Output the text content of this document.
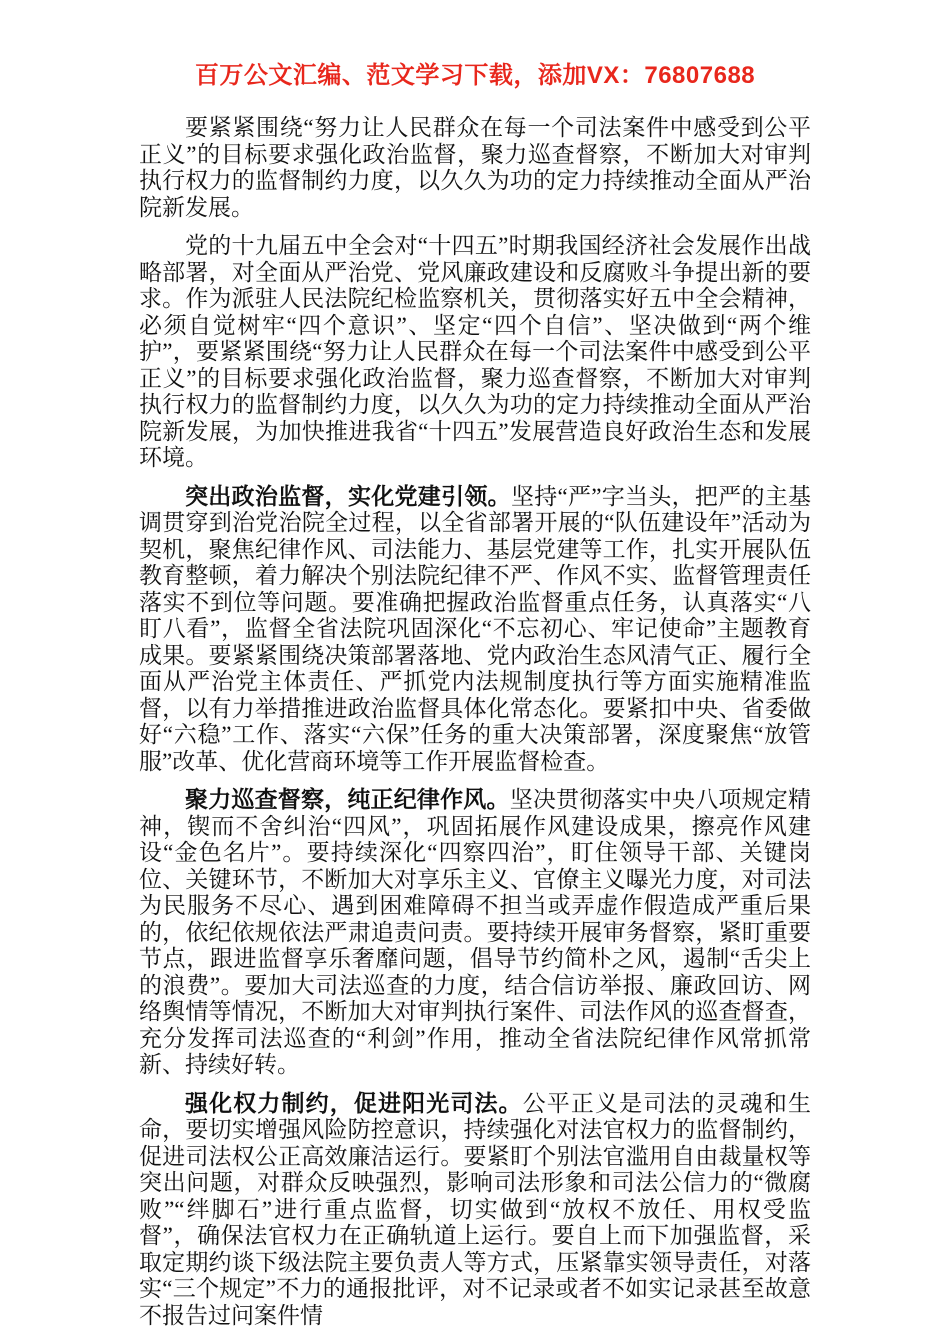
百万公文汇编、范文学习下载，添加VX：76807688

要紧紧围绕“努力让人民群众在每一个司法案件中感受到公平正义”的目标要求强化政治监督，聚力巡查督察，不断加大对审判执行权力的监督制约力度，以久久为功的定力持续推动全面从严治院新发展。

党的十九届五中全会对“十四五”时期我国经济社会发展作出战略部署，对全面从严治党、党风廉政建设和反腐败斗争提出新的要求。作为派驻人民法院纪检监察机关，贯彻落实好五中全会精神，必须自觉树牢“四个意识”、坚定“四个自信”、坚决做到“两个维护”，要紧紧围绕“努力让人民群众在每一个司法案件中感受到公平正义”的目标要求强化政治监督，聚力巡查督察，不断加大对审判执行权力的监督制约力度，以久久为功的定力持续推动全面从严治院新发展，为加快推进我省“十四五”发展营造良好政治生态和发展环境。

突出政治监督，实化党建引领。坚持“严”字当头，把严的主基调贯穿到治党治院全过程，以全省部署开展的“队伍建设年”活动为契机，聚焦纪律作风、司法能力、基层党建等工作，扎实开展队伍教育整顿，着力解决个别法院纪律不严、作风不实、监督管理责任落实不到位等问题。要准确把握政治监督重点任务，认真落实“八盯八看”，监督全省法院巩固深化“不忘初心、牢记使命”主题教育成果。要紧紧围绕决策部署落地、党内政治生态风清气正、履行全面从严治党主体责任、严抓党内法规制度执行等方面实施精准监督，以有力举措推进政治监督具体化常态化。要紧扣中央、省委做好“六稳”工作、落实“六保”任务的重大决策部署，深度聚焦“放管服”改革、优化营商环境等工作开展监督检查。

聚力巡查督察，纯正纪律作风。坚决贯彻落实中央八项规定精神，锲而不舍纠治“四风”，巩固拓展作风建设成果，擦亮作风建设“金色名片”。要持续深化“四察四治”，盯住领导干部、关键岗位、关键环节，不断加大对享乐主义、官僚主义曝光力度，对司法为民服务不尽心、遇到困难障碍不担当或弄虚作假造成严重后果的，依纪依规依法严肃追责问责。要持续开展审务督察，紧盯重要节点，跟进监督享乐奢靡问题，倡导节约简朴之风，遏制“舌尖上的浪费”。要加大司法巡查的力度，结合信访举报、廉政回访、网络舆情等情况，不断加大对审判执行案件、司法作风的巡查督查，充分发挥司法巡查的“利剑”作用，推动全省法院纪律作风常抓常新、持续好转。

强化权力制约，促进阳光司法。公平正义是司法的灵魂和生命，要切实增强风险防控意识，持续强化对法官权力的监督制约，促进司法权公正高效廉洁运行。要紧盯个别法官滥用自由裁量权等突出问题，对群众反映强烈，影响司法形象和司法公信力的“微腐败”“绊脚石”进行重点监督，切实做到“放权不放任、用权受监督”，确保法官权力在正确轨道上运行。要自上而下加强监督，采取定期约谈下级法院主要负责人等方式，压紧靠实领导责任，对落实“三个规定”不力的通报批评，对不记录或者不如实记录甚至故意不报告过问案件情
